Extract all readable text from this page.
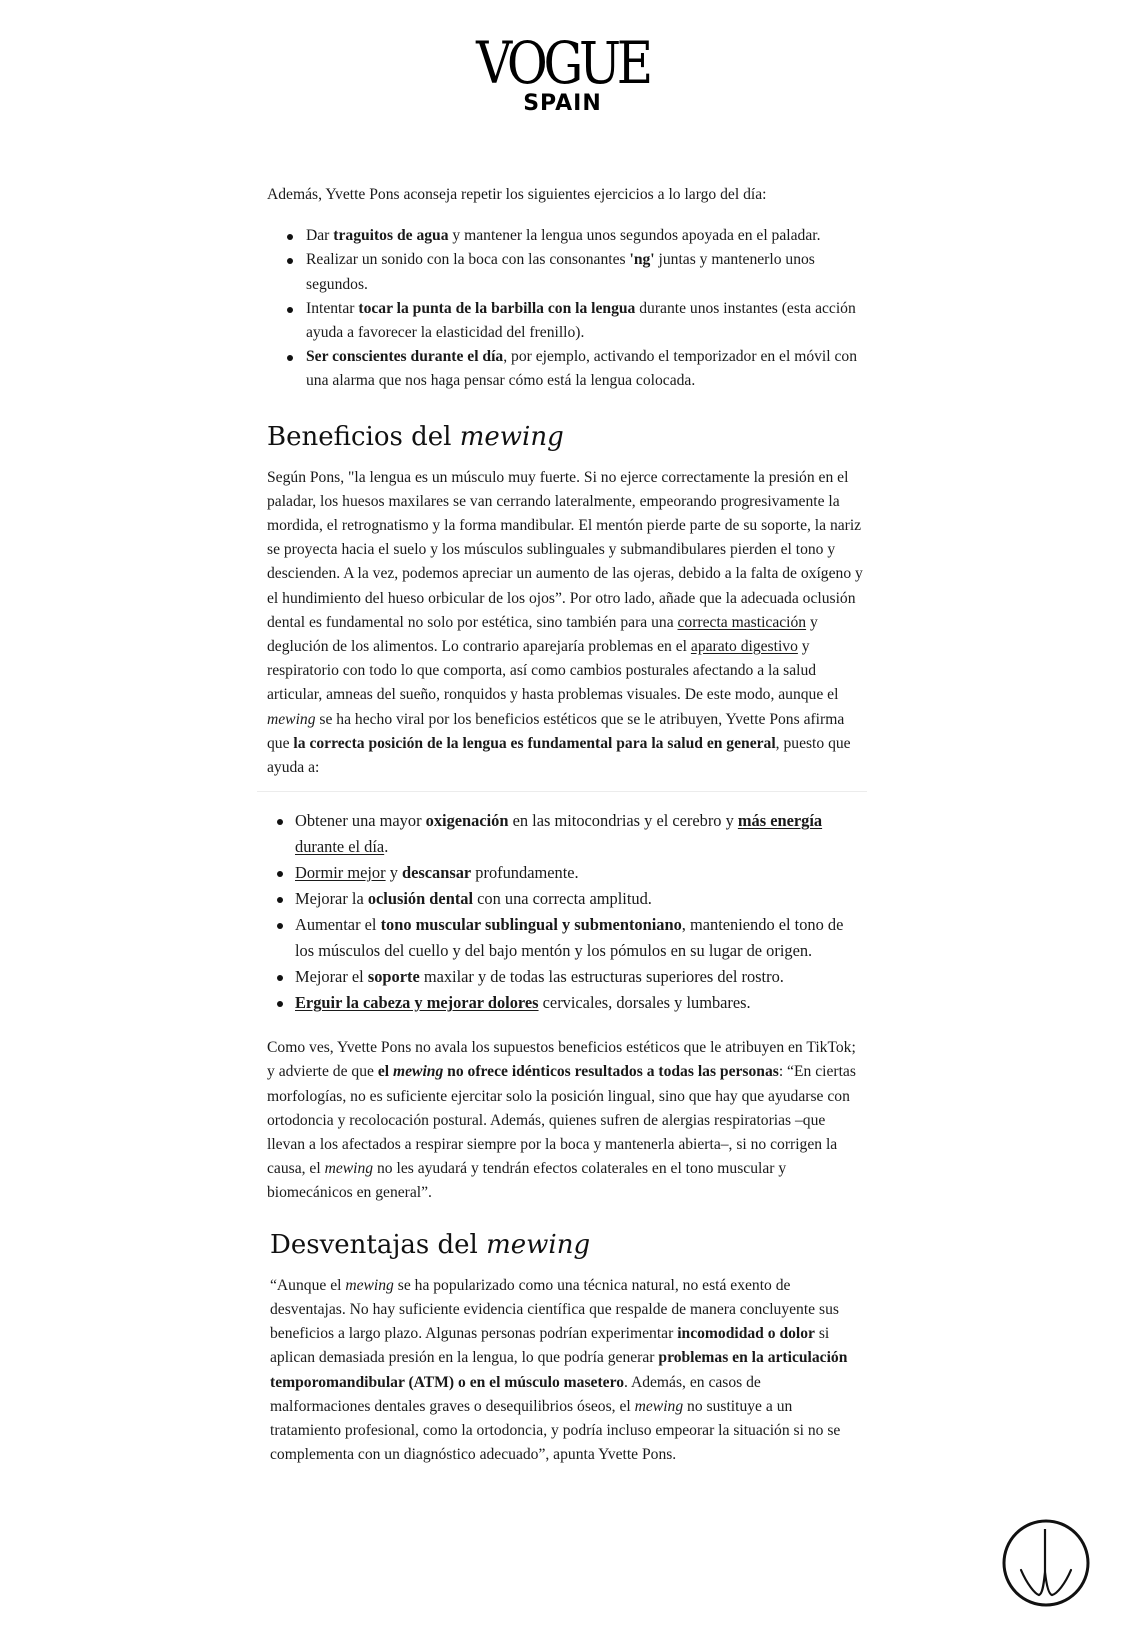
VOGUE
SPAIN

Además, Yvette Pons aconseja repetir los siguientes ejercicios a lo largo del día:

Dar traguitos de agua y mantener la lengua unos segundos apoyada en el paladar.
Realizar un sonido con la boca con las consonantes 'ng' juntas y mantenerlo unos segundos.
Intentar tocar la punta de la barbilla con la lengua durante unos instantes (esta acción ayuda a favorecer la elasticidad del frenillo).
Ser conscientes durante el día, por ejemplo, activando el temporizador en el móvil con una alarma que nos haga pensar cómo está la lengua colocada.
Beneficios del mewing

Según Pons, "la lengua es un músculo muy fuerte. Si no ejerce correctamente la presión en el paladar, los huesos maxilares se van cerrando lateralmente, empeorando progresivamente la mordida, el retrognatismo y la forma mandibular. El mentón pierde parte de su soporte, la nariz se proyecta hacia el suelo y los músculos sublinguales y submandibulares pierden el tono y descienden. A la vez, podemos apreciar un aumento de las ojeras, debido a la falta de oxígeno y el hundimiento del hueso orbicular de los ojos”. Por otro lado, añade que la adecuada oclusión dental es fundamental no solo por estética, sino también para una correcta masticación y deglución de los alimentos. Lo contrario aparejaría problemas en el aparato digestivo y respiratorio con todo lo que comporta, así como cambios posturales afectando a la salud articular, amneas del sueño, ronquidos y hasta problemas visuales. De este modo, aunque el mewing se ha hecho viral por los beneficios estéticos que se le atribuyen, Yvette Pons afirma que la correcta posición de la lengua es fundamental para la salud en general, puesto que ayuda a:

Obtener una mayor oxigenación en las mitocondrias y el cerebro y más energía durante el día.
Dormir mejor y descansar profundamente.
Mejorar la oclusión dental con una correcta amplitud.
Aumentar el tono muscular sublingual y submentoniano, manteniendo el tono de los músculos del cuello y del bajo mentón y los pómulos en su lugar de origen.
Mejorar el soporte maxilar y de todas las estructuras superiores del rostro.
Erguir la cabeza y mejorar dolores cervicales, dorsales y lumbares.

Como ves, Yvette Pons no avala los supuestos beneficios estéticos que le atribuyen en TikTok; y advierte de que el mewing no ofrece idénticos resultados a todas las personas: “En ciertas morfologías, no es suficiente ejercitar solo la posición lingual, sino que hay que ayudarse con ortodoncia y recolocación postural. Además, quienes sufren de alergias respiratorias –que llevan a los afectados a respirar siempre por la boca y mantenerla abierta–, si no corrigen la causa, el mewing no les ayudará y tendrán efectos colaterales en el tono muscular y biomecánicos en general”.

Desventajas del mewing

“Aunque el mewing se ha popularizado como una técnica natural, no está exento de desventajas. No hay suficiente evidencia científica que respalde de manera concluyente sus beneficios a largo plazo. Algunas personas podrían experimentar incomodidad o dolor si aplican demasiada presión en la lengua, lo que podría generar problemas en la articulación temporomandibular (ATM) o en el músculo masetero. Además, en casos de malformaciones dentales graves o desequilibrios óseos, el mewing no sustituye a un tratamiento profesional, como la ortodoncia, y podría incluso empeorar la situación si no se complementa con un diagnóstico adecuado”, apunta Yvette Pons.
